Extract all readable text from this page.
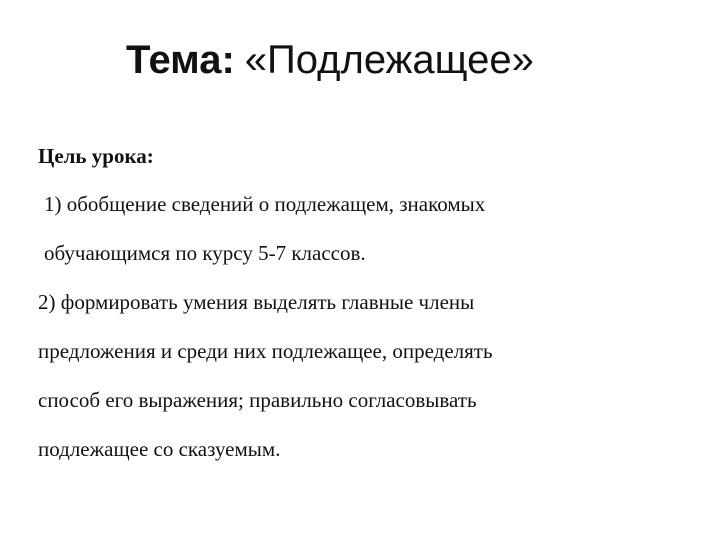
Тема: «Подлежащее»
Цель урока:
1) обобщение сведений о подлежащем, знакомых
обучающимся по курсу 5-7 классов.
2) формировать умения выделять главные члены
предложения и среди них подлежащее, определять
способ его выражения; правильно согласовывать
подлежащее со сказуемым.
